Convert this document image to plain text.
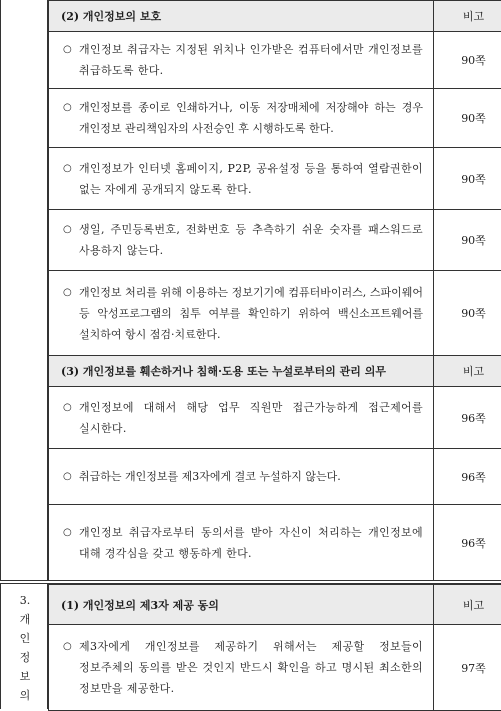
(2) 개인정보의 보호	비고

○ 개인정보 취급자는 지정된 위치나 인가받은 컴퓨터에서만 개인정보를 취급하도록 한다.	90쪽

○ 개인정보를 종이로 인쇄하거나, 이동 저장매체에 저장해야 하는 경우 개인정보 관리책임자의 사전승인 후 시행하도록 한다.	90쪽

○ 개인정보가 인터넷 홈페이지, P2P, 공유설정 등을 통하여 열람권한이 없는 자에게 공개되지 않도록 한다.	90쪽

○ 생일, 주민등록번호, 전화번호 등 추측하기 쉬운 숫자를 패스워드로 사용하지 않는다.	90쪽

○ 개인정보 처리를 위해 이용하는 정보기기에 컴퓨터바이러스, 스파이웨어 등 악성프로그램의 침투 여부를 확인하기 위하여 백신소프트웨어를 설치하여 항시 점검·치료한다.	90쪽
(3) 개인정보를 훼손하거나 침해·도용 또는 누설로부터의 관리 의무	비고

○ 개인정보에 대해서 해당 업무 직원만 접근가능하게 접근제어를 실시한다.	96쪽

○ 취급하는 개인정보를 제3자에게 결코 누설하지 않는다.	96쪽

○ 개인정보 취급자로부터 동의서를 받아 자신이 처리하는 개인정보에 대해 경각심을 갖고 행동하게 한다.	96쪽
3.
개
인
정
보
의
(1) 개인정보의 제3자 제공 동의	비고

○ 제3자에게 개인정보를 제공하기 위해서는 제공할 정보들이 정보주체의 동의를 받은 것인지 반드시 확인을 하고 명시된 최소한의 정보만을 제공한다.	97쪽
